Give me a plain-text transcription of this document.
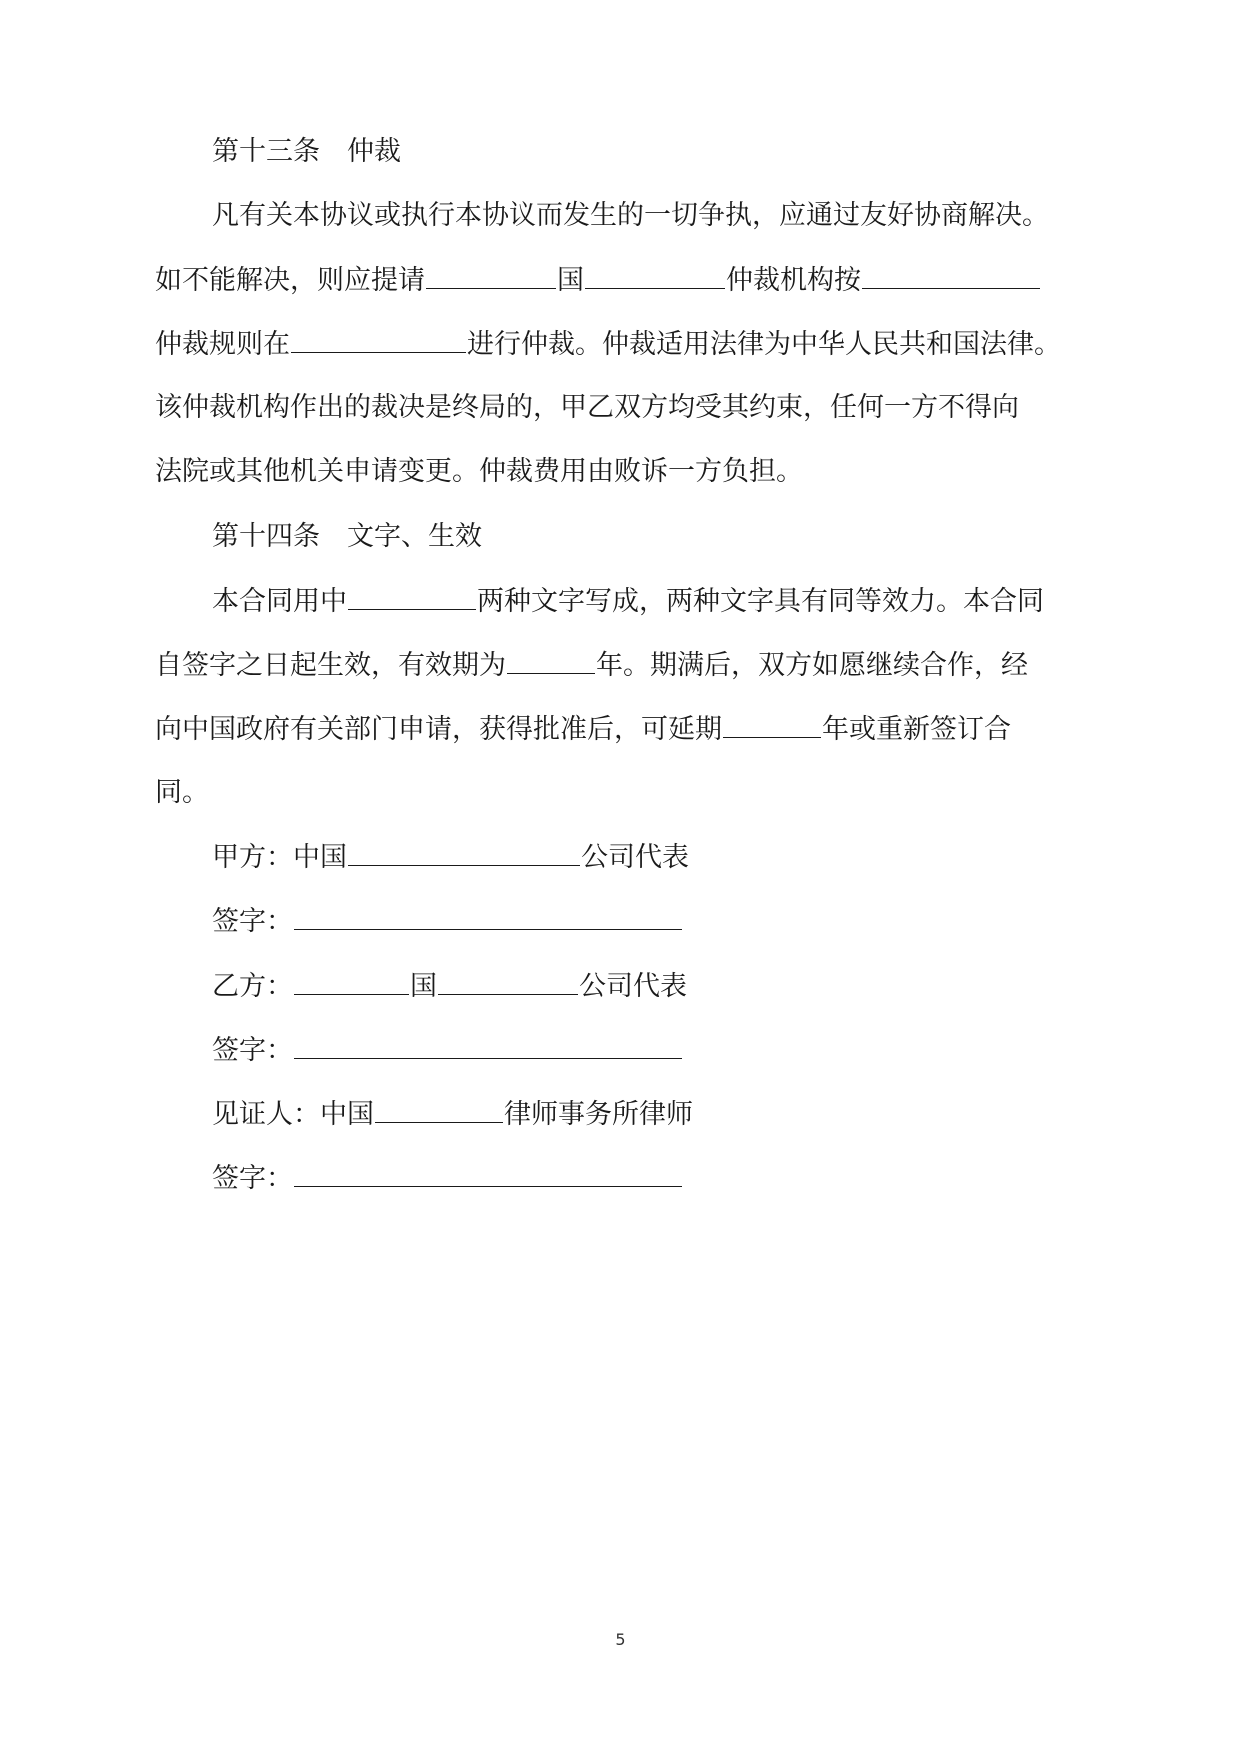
第十三条　仲裁
凡有关本协议或执行本协议而发生的一切争执，应通过友好协商解决。
如不能解决，则应提请	国	仲裁机构按
仲裁规则在	进行仲裁。仲裁适用法律为中华人民共和国法律。
该仲裁机构作出的裁决是终局的，甲乙双方均受其约束，任何一方不得向
法院或其他机关申请变更。仲裁费用由败诉一方负担。
第十四条　文字、生效
本合同用中	两种文字写成，两种文字具有同等效力。本合同
自签字之日起生效，有效期为	年。期满后，双方如愿继续合作，经
向中国政府有关部门申请，获得批准后，可延期	年或重新签订合
同。
甲方：中国	公司代表
签字：
乙方：	国	公司代表
签字：
见证人：中国	律师事务所律师
签字：
5
